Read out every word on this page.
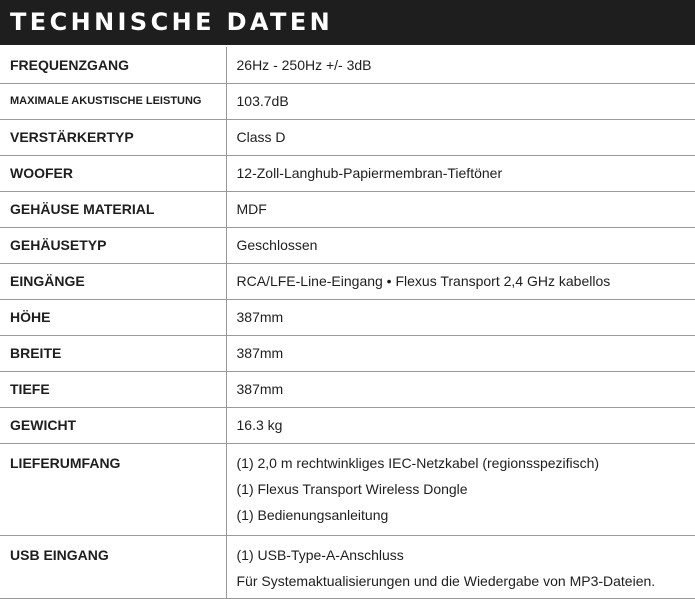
TECHNISCHE DATEN
FREQUENZGANG	26Hz - 250Hz +/- 3dB
MAXIMALE AKUSTISCHE LEISTUNG	103.7dB
VERSTÄRKERTYP	Class D
WOOFER	12-Zoll-Langhub-Papiermembran-Tieftöner
GEHÄUSE MATERIAL	MDF
GEHÄUSETYP	Geschlossen
EINGÄNGE	RCA/LFE-Line-Eingang • Flexus Transport 2,4 GHz kabellos
HÖHE	387mm
BREITE	387mm
TIEFE	387mm
GEWICHT	16.3 kg
LIEFERUMFANG	(1) 2,0 m rechtwinkliges IEC-Netzkabel (regionsspezifisch)
(1) Flexus Transport Wireless Dongle
(1) Bedienungsanleitung

USB EINGANG	(1) USB-Type-A-Anschluss
Für Systemaktualisierungen und die Wiedergabe von MP3-Dateien.
